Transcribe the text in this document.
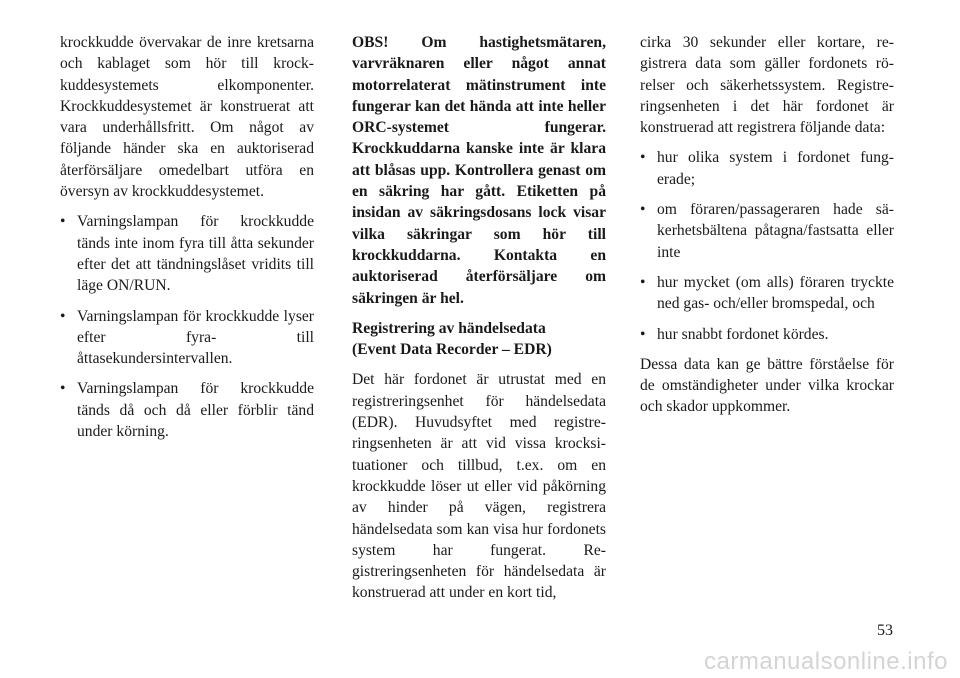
krockkudde övervakar de inre kretsarna och kablaget som hör till krockkuddesystemets elkomponenter. Krockkuddesystemet är konstruerat att vara underhållsfritt. Om något av följande händer ska en auktoriserad återförsäljare omedelbart utföra en översyn av krockkuddesystemet.

• Varningslampan för krockkudde tänds inte inom fyra till åtta sekunder efter det att tändningslåset vridits till läge ON/RUN.
• Varningslampan för krockkudde lyser efter fyra- till åttasekundersintervallen.
• Varningslampan för krockkudde tänds då och då eller förblir tänd under körning.

OBS! Om hastighetsmätaren, varvräknaren eller något annat motorrelaterat mätinstrument inte fungerar kan det hända att inte heller ORC-systemet fungerar. Krockkuddarna kanske inte är klara att blåsas upp. Kontrollera genast om en säkring har gått. Etiketten på insidan av säkringsdosans lock visar vilka säkringar som hör till krockkuddarna. Kontakta en auktoriserad återförsäljare om säkringen är hel.

Registrering av händelsedata
(Event Data Recorder – EDR)

Det här fordonet är utrustat med en registreringsenhet för händelsedata (EDR). Huvudsyftet med registreringsenheten är att vid vissa krocksituationer och tillbud, t.ex. om en krockkudde löser ut eller vid påkörning av hinder på vägen, registrera händelsedata som kan visa hur fordonets system har fungerat. Registreringsenheten för händelsedata är konstruerad att under en kort tid,

cirka 30 sekunder eller kortare, registrera data som gäller fordonets rörelser och säkerhetssystem. Registreringsenheten i det här fordonet är konstruerad att registrera följande data:

• hur olika system i fordonet fungerade;
• om föraren/passageraren hade säkerhetsbältena påtagna/fastsatta eller inte
• hur mycket (om alls) föraren tryckte ned gas- och/eller bromspedal, och
• hur snabbt fordonet kördes.

Dessa data kan ge bättre förståelse för de omständigheter under vilka krockar och skador uppkommer.

53
carmanualsonline.info
